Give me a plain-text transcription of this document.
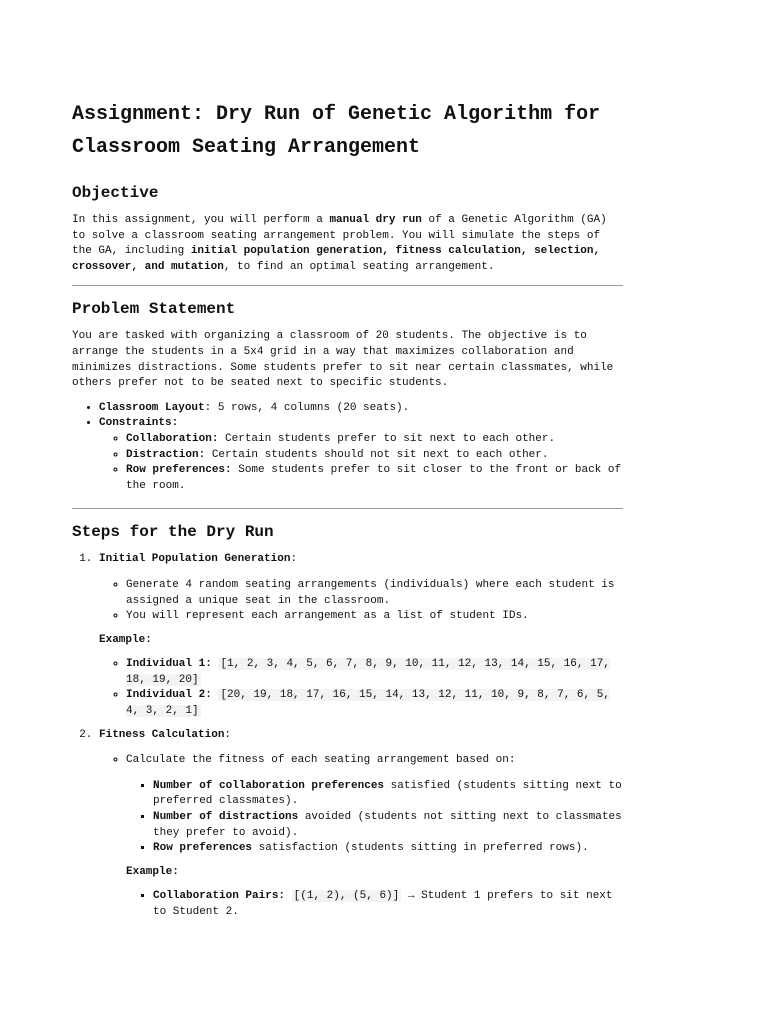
Assignment: Dry Run of Genetic Algorithm for Classroom Seating Arrangement
Objective

In this assignment, you will perform a manual dry run of a Genetic Algorithm (GA) to solve a classroom seating arrangement problem. You will simulate the steps of the GA, including initial population generation, fitness calculation, selection, crossover, and mutation, to find an optimal seating arrangement.

Problem Statement

You are tasked with organizing a classroom of 20 students. The objective is to arrange the students in a 5x4 grid in a way that maximizes collaboration and minimizes distractions. Some students prefer to sit near certain classmates, while others prefer not to be seated next to specific students.

• Classroom Layout: 5 rows, 4 columns (20 seats).
• Constraints:
◦ Collaboration: Certain students prefer to sit next to each other.
◦ Distraction: Certain students should not sit next to each other.
◦ Row preferences: Some students prefer to sit closer to the front or back of the room.
Steps for the Dry Run
1. Initial Population Generation:
◦ Generate 4 random seating arrangements (individuals) where each student is assigned a unique seat in the classroom.
◦ You will represent each arrangement as a list of student IDs.
Example:
◦ Individual 1: [1, 2, 3, 4, 5, 6, 7, 8, 9, 10, 11, 12, 13, 14, 15, 16, 17, 18, 19, 20]
◦ Individual 2: [20, 19, 18, 17, 16, 15, 14, 13, 12, 11, 10, 9, 8, 7, 6, 5, 4, 3, 2, 1]
2. Fitness Calculation:
◦ Calculate the fitness of each seating arrangement based on:
▪ Number of collaboration preferences satisfied (students sitting next to preferred classmates).
▪ Number of distractions avoided (students not sitting next to classmates they prefer to avoid).
▪ Row preferences satisfaction (students sitting in preferred rows).
Example:
▪ Collaboration Pairs: [(1, 2), (5, 6)] → Student 1 prefers to sit next to Student 2.
